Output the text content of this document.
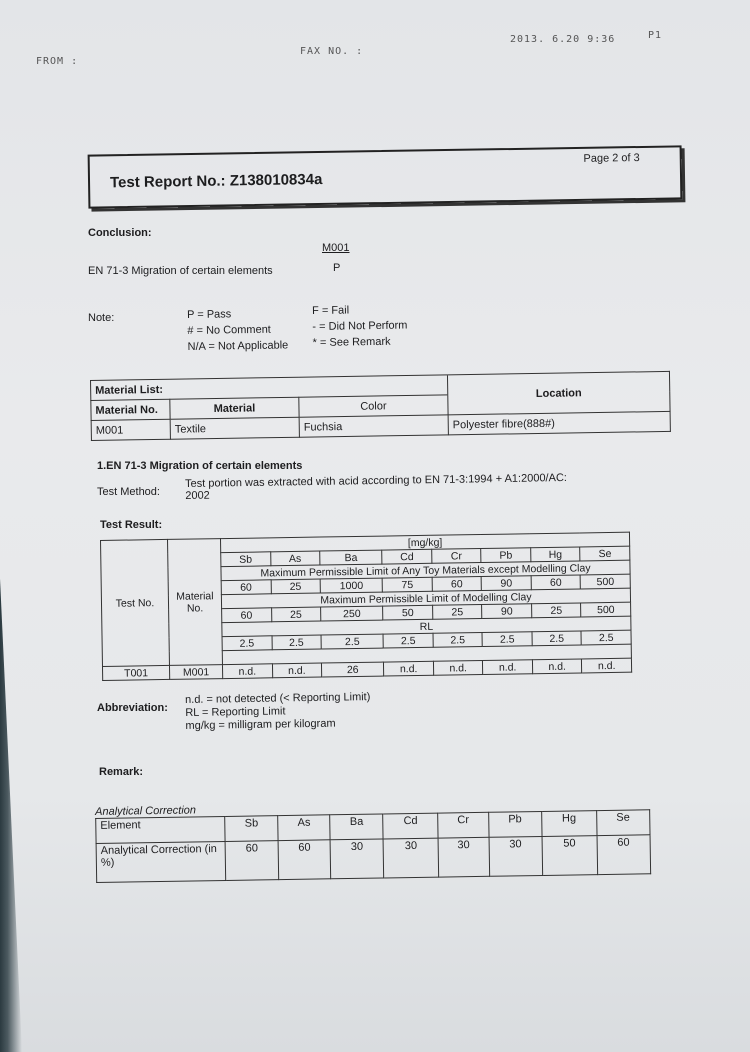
FROM :
FAX NO. :
2013. 6.20 9:36	P1
Test Report No.: Z138010834a
Page 2 of 3
Conclusion:
M001
EN 71-3 Migration of certain elements	P
Note:	P = Pass
# = No Comment
N/A = Not Applicable
F = Fail
- = Did Not Perform
* = See Remark
Material List:			Location
Material No.	Material	Color	
M001	Textile	Fuchsia	Polyester fibre(888#)
1.EN 71-3 Migration of certain elements
Test Method:
Test portion was extracted with acid according to EN 71-3:1994 + A1:2000/AC:
2002
Test Result:
Test No.	Material No.	[mg/kg]							
		Sb	As	Ba	Cd	Cr	Pb	Hg	Se
		Maximum Permissible Limit of Any Toy Materials except Modelling Clay							
		60	25	1000	75	60	90	60	500
		Maximum Permissible Limit of Modelling Clay							
		60	25	250	50	25	90	25	500
		RL							
		2.5	2.5	2.5	2.5	2.5	2.5	2.5	2.5
T001	M001	n.d.	n.d.	26	n.d.	n.d.	n.d.	n.d.	n.d.
Abbreviation:
n.d. = not detected (< Reporting Limit)
RL = Reporting Limit
mg/kg = milligram per kilogram
Remark:
Analytical Correction
Element	Sb	As	Ba	Cd	Cr	Pb	Hg	Se
Analytical Correction (in %)	60	60	30	30	30	30	50	60
